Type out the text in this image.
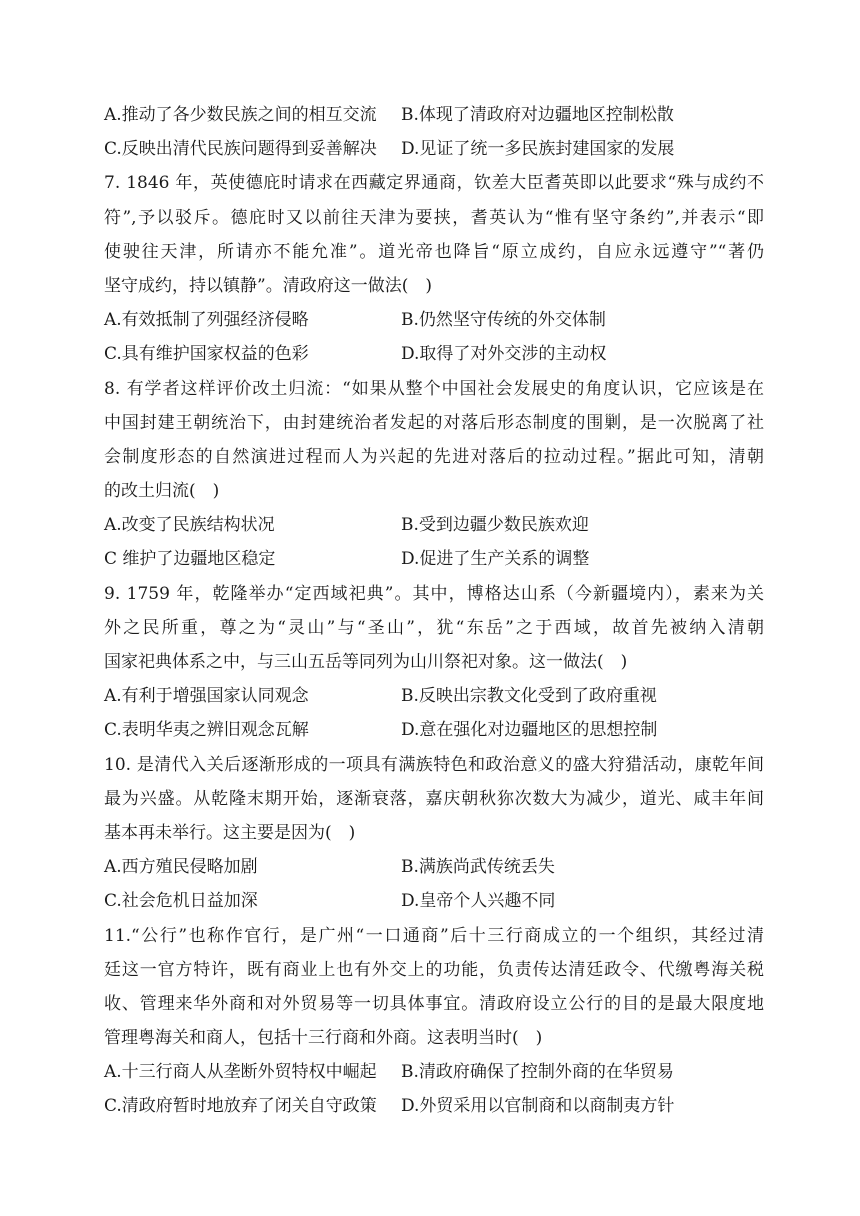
A.推动了各少数民族之间的相互交流	B.体现了清政府对边疆地区控制松散
C.反映出清代民族问题得到妥善解决	D.见证了统一多民族封建国家的发展
7. 1846 年，英使德庇时请求在西藏定界通商，钦差大臣耆英即以此要求“殊与成约不
符”,予以驳斥。德庇时又以前往天津为要挟，耆英认为“惟有坚守条约”,并表示“即
使驶往天津，所请亦不能允准”。道光帝也降旨“原立成约，自应永远遵守”“著仍
坚守成约，持以镇静”。清政府这一做法(　)
A.有效抵制了列强经济侵略	B.仍然坚守传统的外交体制
C.具有维护国家权益的色彩	D.取得了对外交涉的主动权
8. 有学者这样评价改土归流：“如果从整个中国社会发展史的角度认识，它应该是在
中国封建王朝统治下，由封建统治者发起的对落后形态制度的围剿，是一次脱离了社
会制度形态的自然演进过程而人为兴起的先进对落后的拉动过程。”据此可知，清朝
的改土归流(　)
A.改变了民族结构状况	B.受到边疆少数民族欢迎
C 维护了边疆地区稳定	D.促进了生产关系的调整
9. 1759 年，乾隆举办“定西域祀典”。其中，博格达山系（今新疆境内），素来为关
外之民所重，尊之为“灵山”与“圣山”，犹“东岳”之于西域，故首先被纳入清朝
国家祀典体系之中，与三山五岳等同列为山川祭祀对象。这一做法(　)
A.有利于增强国家认同观念	B.反映出宗教文化受到了政府重视
C.表明华夷之辨旧观念瓦解	D.意在强化对边疆地区的思想控制
10. 是清代入关后逐渐形成的一项具有满族特色和政治意义的盛大狩猎活动，康乾年间
最为兴盛。从乾隆末期开始，逐渐衰落，嘉庆朝秋狝次数大为减少，道光、咸丰年间
基本再未举行。这主要是因为(　)
A.西方殖民侵略加剧	B.满族尚武传统丢失
C.社会危机日益加深	D.皇帝个人兴趣不同
11.“公行”也称作官行，是广州“一口通商”后十三行商成立的一个组织，其经过清
廷这一官方特许，既有商业上也有外交上的功能，负责传达清廷政令、代缴粤海关税
收、管理来华外商和对外贸易等一切具体事宜。清政府设立公行的目的是最大限度地
管理粤海关和商人，包括十三行商和外商。这表明当时(　)
A.十三行商人从垄断外贸特权中崛起	B.清政府确保了控制外商的在华贸易
C.清政府暂时地放弃了闭关自守政策	D.外贸采用以官制商和以商制夷方针
